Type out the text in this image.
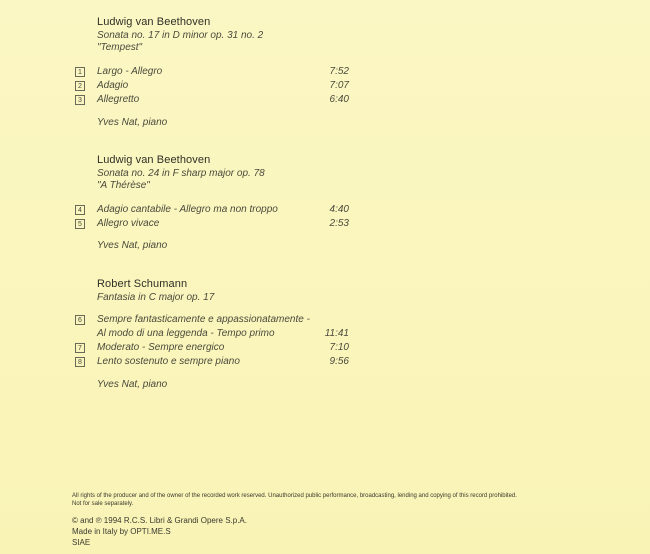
Ludwig van Beethoven
Sonata no. 17 in D minor op. 31 no. 2
"Tempest"
1	Largo - Allegro	7:52
2	Adagio	7:07
3	Allegretto	6:40
Yves Nat, piano
Ludwig van Beethoven
Sonata no. 24 in F sharp major op. 78
"A Thérèse"
4	Adagio cantabile - Allegro ma non troppo	4:40
5	Allegro vivace	2:53
Yves Nat, piano
Robert Schumann
Fantasia in C major op. 17
6	Sempre fantasticamente e appassionatamente -
Al modo di una leggenda - Tempo primo	11:41
7	Moderato - Sempre energico	7:10
8	Lento sostenuto e sempre piano	9:56
Yves Nat, piano
All rights of the producer and of the owner of the recorded work reserved. Unauthorized public performance, broadcasting, lending and copying of this record prohibited.
Not for sale separately.
© and ℗ 1994 R.C.S. Libri & Grandi Opere S.p.A.
Made in Italy by OPTI.ME.S
SIAE
